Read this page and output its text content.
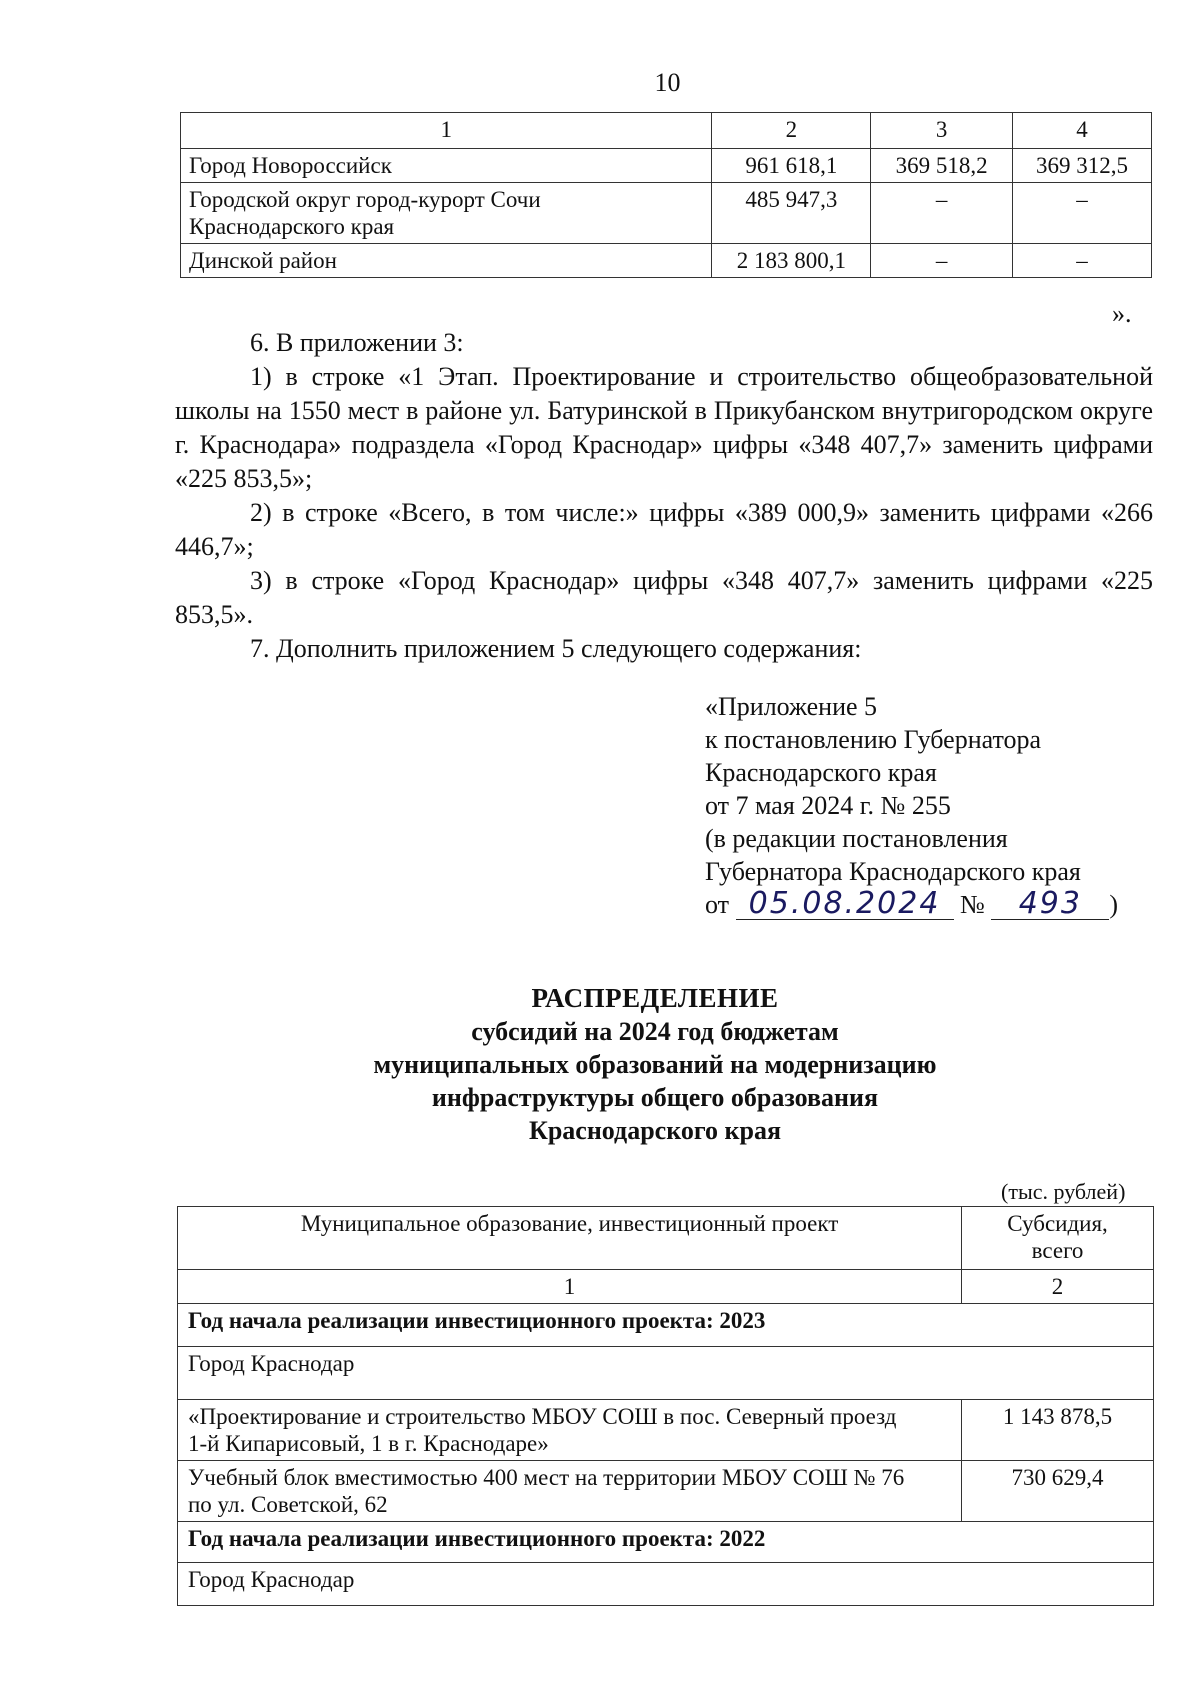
10
1	2	3	4
Город Новороссийск	961 618,1	369 518,2	369 312,5

Городской округ город-курорт Сочи
Краснодарского края	485 947,3	–	–
Динской район	2 183 800,1	–	–
».

6. В приложении 3:

1) в строке «1 Этап. Проектирование и строительство общеобразовательной школы на 1550 мест в районе ул. Батуринской в Прикубанском внутригородском округе г. Краснодара» подраздела «Город Краснодар» цифры «348 407,7» заменить цифрами «225 853,5»;

2) в строке «Всего, в том числе:» цифры «389 000,9» заменить цифрами «266 446,7»;

3) в строке «Город Краснодар» цифры «348 407,7» заменить цифрами «225 853,5».

7. Дополнить приложением 5 следующего содержания:

«Приложение 5
к постановлению Губернатора
Краснодарского края
от 7 мая 2024 г. № 255
(в редакции постановления
Губернатора Краснодарского края
от 05.08.2024 № 493 )
РАСПРЕДЕЛЕНИЕ
субсидий на 2024 год бюджетам
муниципальных образований на модернизацию
инфраструктуры общего образования
Краснодарского края
(тыс. рублей)
Муниципальное образование, инвестиционный проект	Субсидия,
всего

1	2
Год начала реализации инвестиционного проекта: 2023	
Город Краснодар	

«Проектирование и строительство МБОУ СОШ в пос. Северный проезд
1-й Кипарисовый, 1 в г. Краснодаре»	1 143 878,5

Учебный блок вместимостью 400 мест на территории МБОУ СОШ № 76
по ул. Советской, 62	730 629,4
Год начала реализации инвестиционного проекта: 2022	
Город Краснодар	
